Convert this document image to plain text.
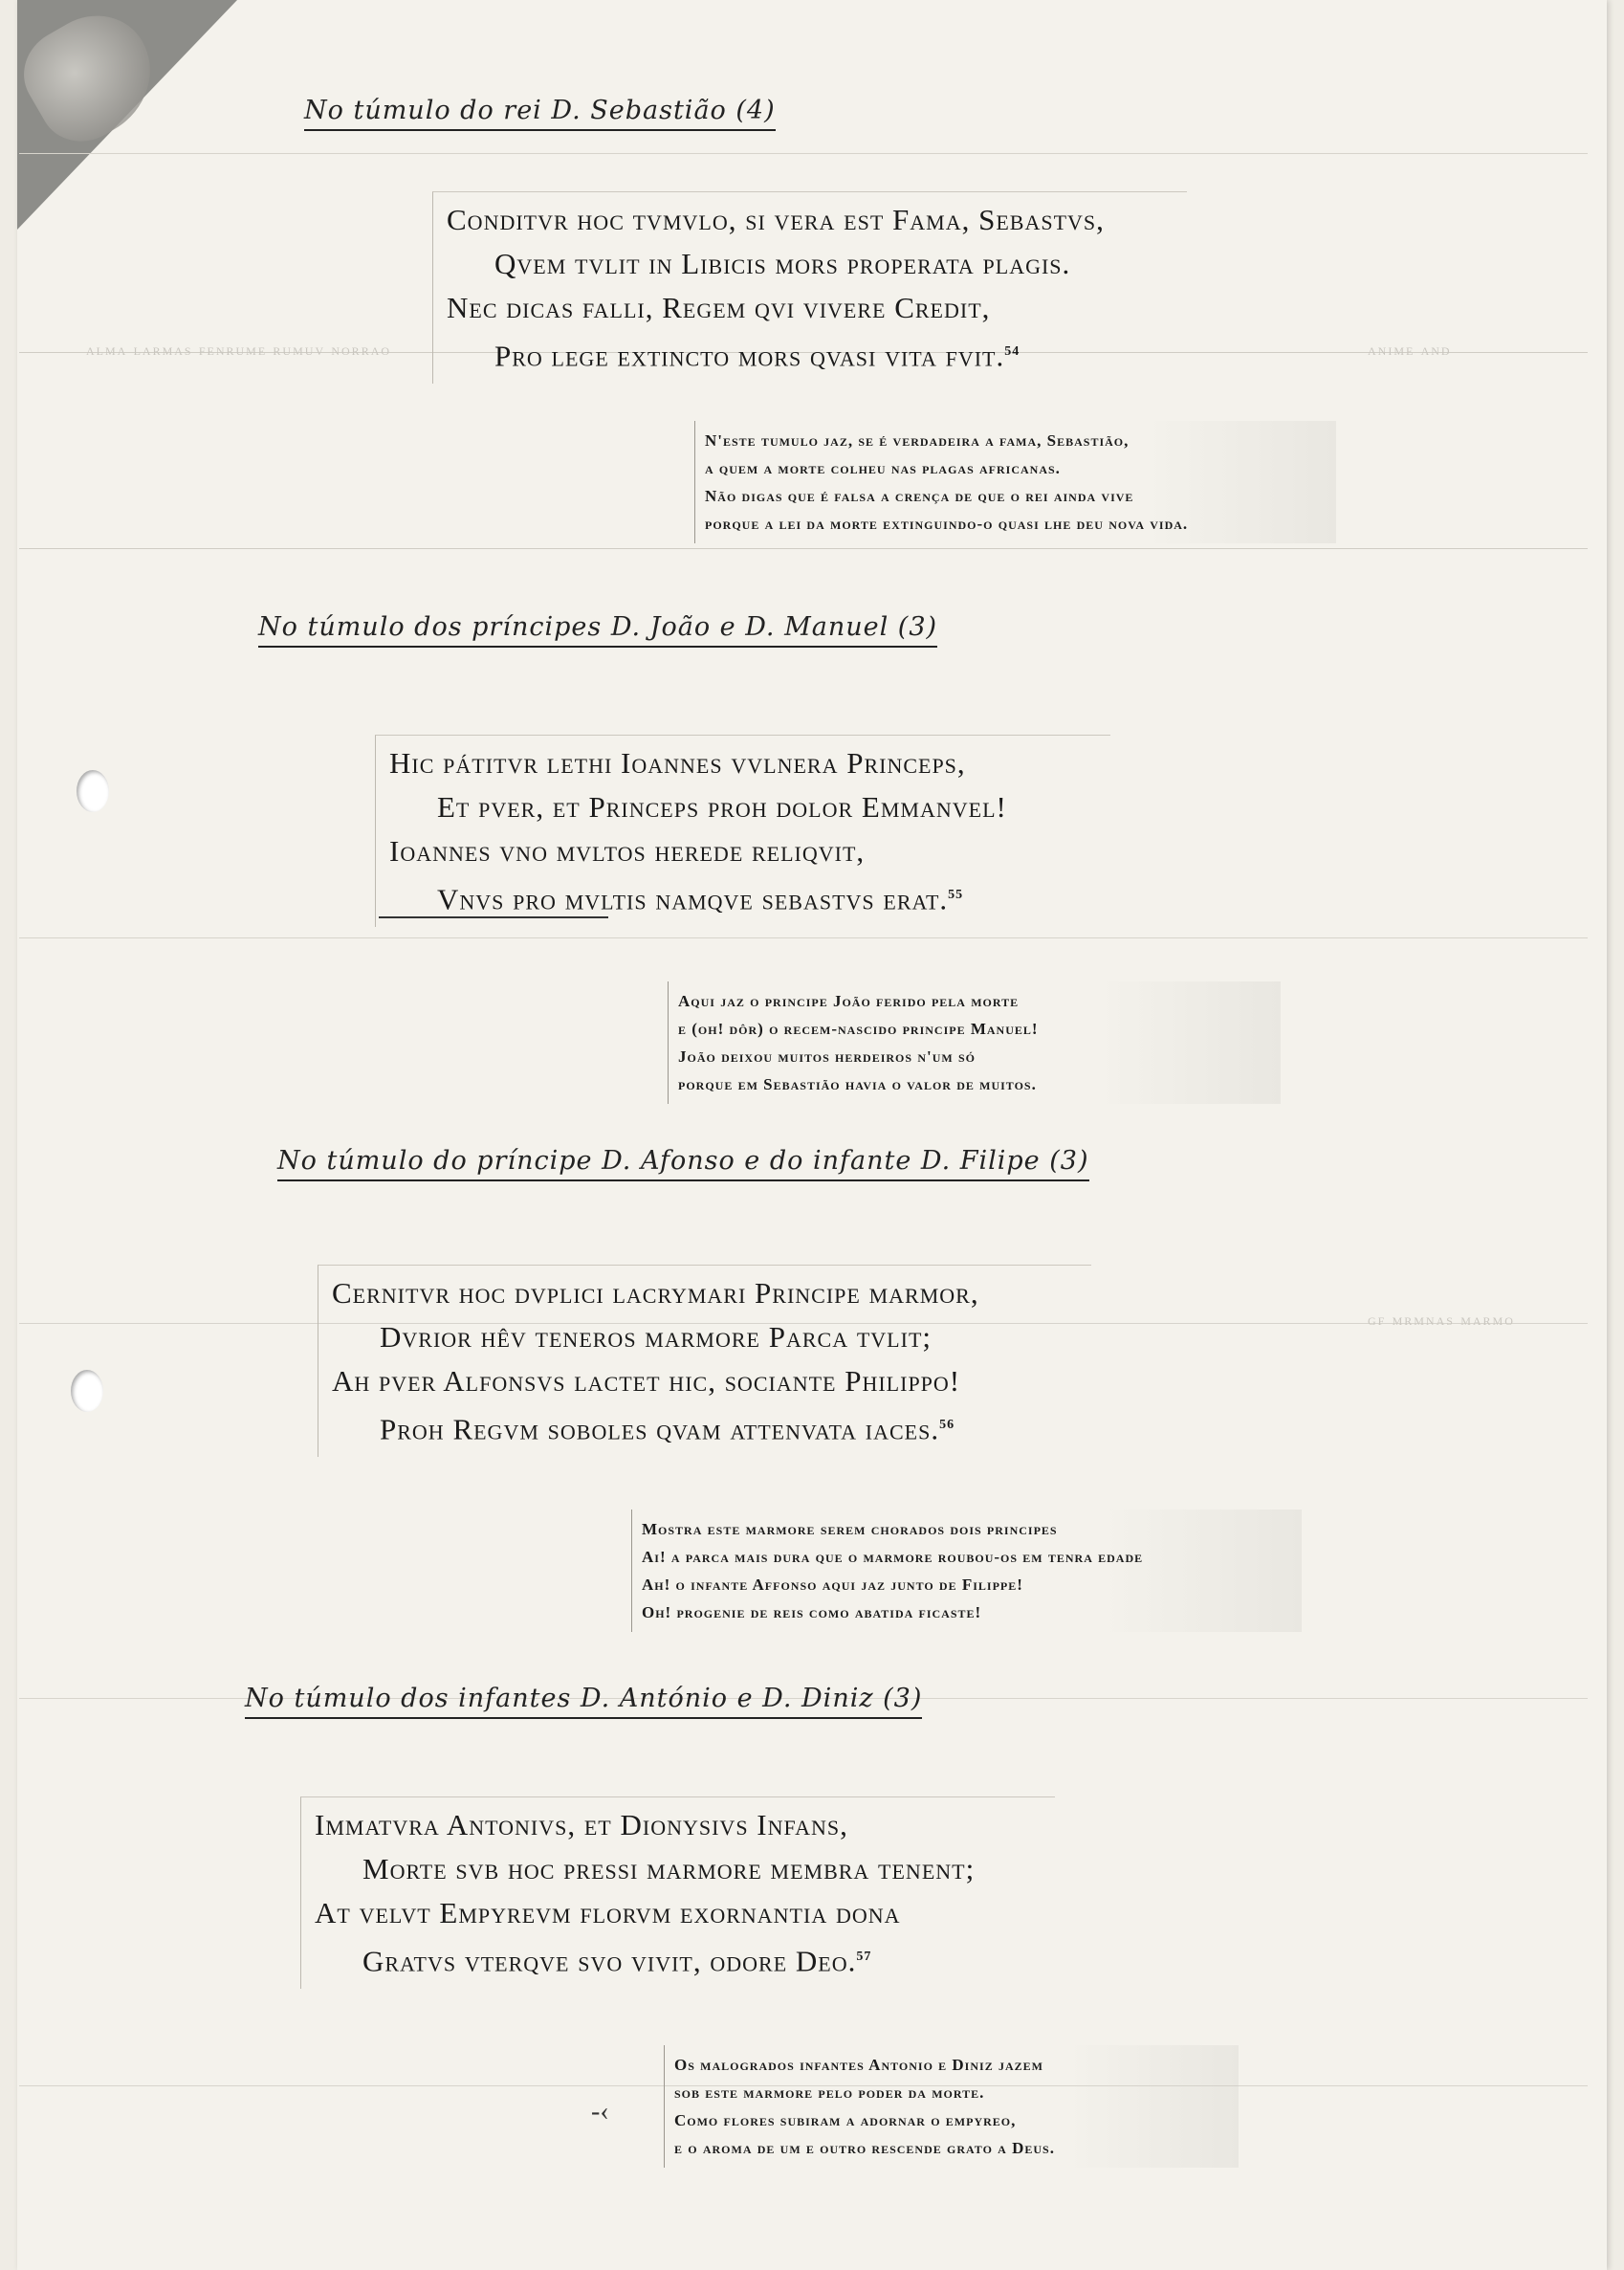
alma larmas fenrume rumuv norrao
gf mrmnas marmo
anime and
No túmulo do rei D. Sebastião (4)
Conditvr hoc tvmvlo, si vera est Fama, Sebastvs,
Qvem tvlit in Libicis mors properata plagis.
Nec dicas falli, Regem qvi vivere Credit,
Pro lege extincto mors qvasi vita fvit.$^{54}$
N'este tumulo jaz, se é verdadeira a fama, Sebastião,
a quem a morte colheu nas plagas africanas.
Não digas que é falsa a crença de que o rei ainda vive
porque a lei da morte extinguindo-o quasi lhe deu nova vida.
No túmulo dos príncipes D. João e D. Manuel (3)
Hic pátitvr lethi Ioannes vvlnera Princeps,
Et pver, et Princeps proh dolor Emmanvel!
Ioannes vno mvltos herede reliqvit,
Vnvs pro mvltis namqve sebastvs erat.$^{55}$
Aqui jaz o principe João ferido pela morte
e (oh! dôr) o recem-nascido principe Manuel!
João deixou muitos herdeiros n'um só
porque em Sebastião havia o valor de muitos.
No túmulo do príncipe D. Afonso e do infante D. Filipe (3)
Cernitvr hoc dvplici lacrymari Principe marmor,
Dvrior hêv teneros marmore Parca tvlit;
Ah pver Alfonsvs lactet hic, sociante Philippo!
Proh Regvm soboles qvam attenvata iaces.$^{56}$
Mostra este marmore serem chorados dois principes
Ai! a parca mais dura que o marmore roubou-os em tenra edade
Ah! o infante Affonso aqui jaz junto de Filippe!
Oh! progenie de reis como abatida ficaste!
No túmulo dos infantes D. António e D. Diniz (3)
Immatvra Antonivs, et Dionysivs Infans,
Morte svb hoc pressi marmore membra tenent;
At velvt Empyrevm florvm exornantia dona
Gratvs vterqve svo vivit, odore Deo.$^{57}$
-‹
Os malogrados infantes Antonio e Diniz jazem
sob este marmore pelo poder da morte.
Como flores subiram a adornar o empyreo,
e o aroma de um e outro rescende grato a Deus.
